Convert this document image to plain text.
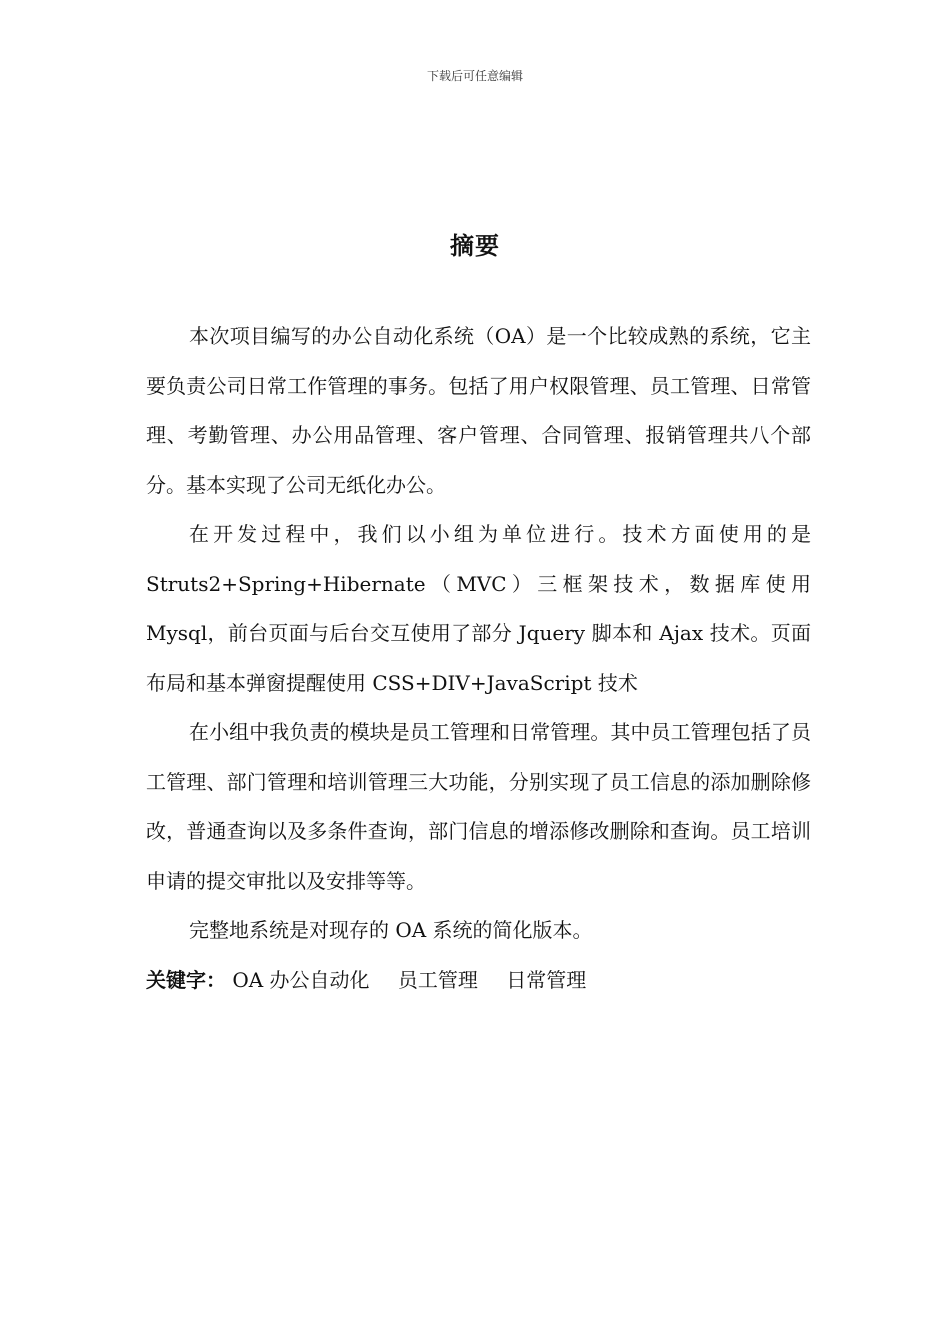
下载后可任意编辑
摘要

本次项目编写的办公自动化系统（OA）是一个比较成熟的系统，它主要负责公司日常工作管理的事务。包括了用户权限管理、员工管理、日常管理、考勤管理、办公用品管理、客户管理、合同管理、报销管理共八个部分。基本实现了公司无纸化办公。

在开发过程中，我们以小组为单位进行。技术方面使用的是 Struts2+Spring+Hibernate（MVC）三框架技术，数据库使用 Mysql，前台页面与后台交互使用了部分 Jquery 脚本和 Ajax 技术。页面布局和基本弹窗提醒使用 CSS+DIV+JavaScript 技术

在小组中我负责的模块是员工管理和日常管理。其中员工管理包括了员工管理、部门管理和培训管理三大功能，分别实现了员工信息的添加删除修改，普通查询以及多条件查询，部门信息的增添修改删除和查询。员工培训申请的提交审批以及安排等等。

完整地系统是对现存的 OA 系统的简化版本。

关键字： OA 办公自动化 员工管理 日常管理
